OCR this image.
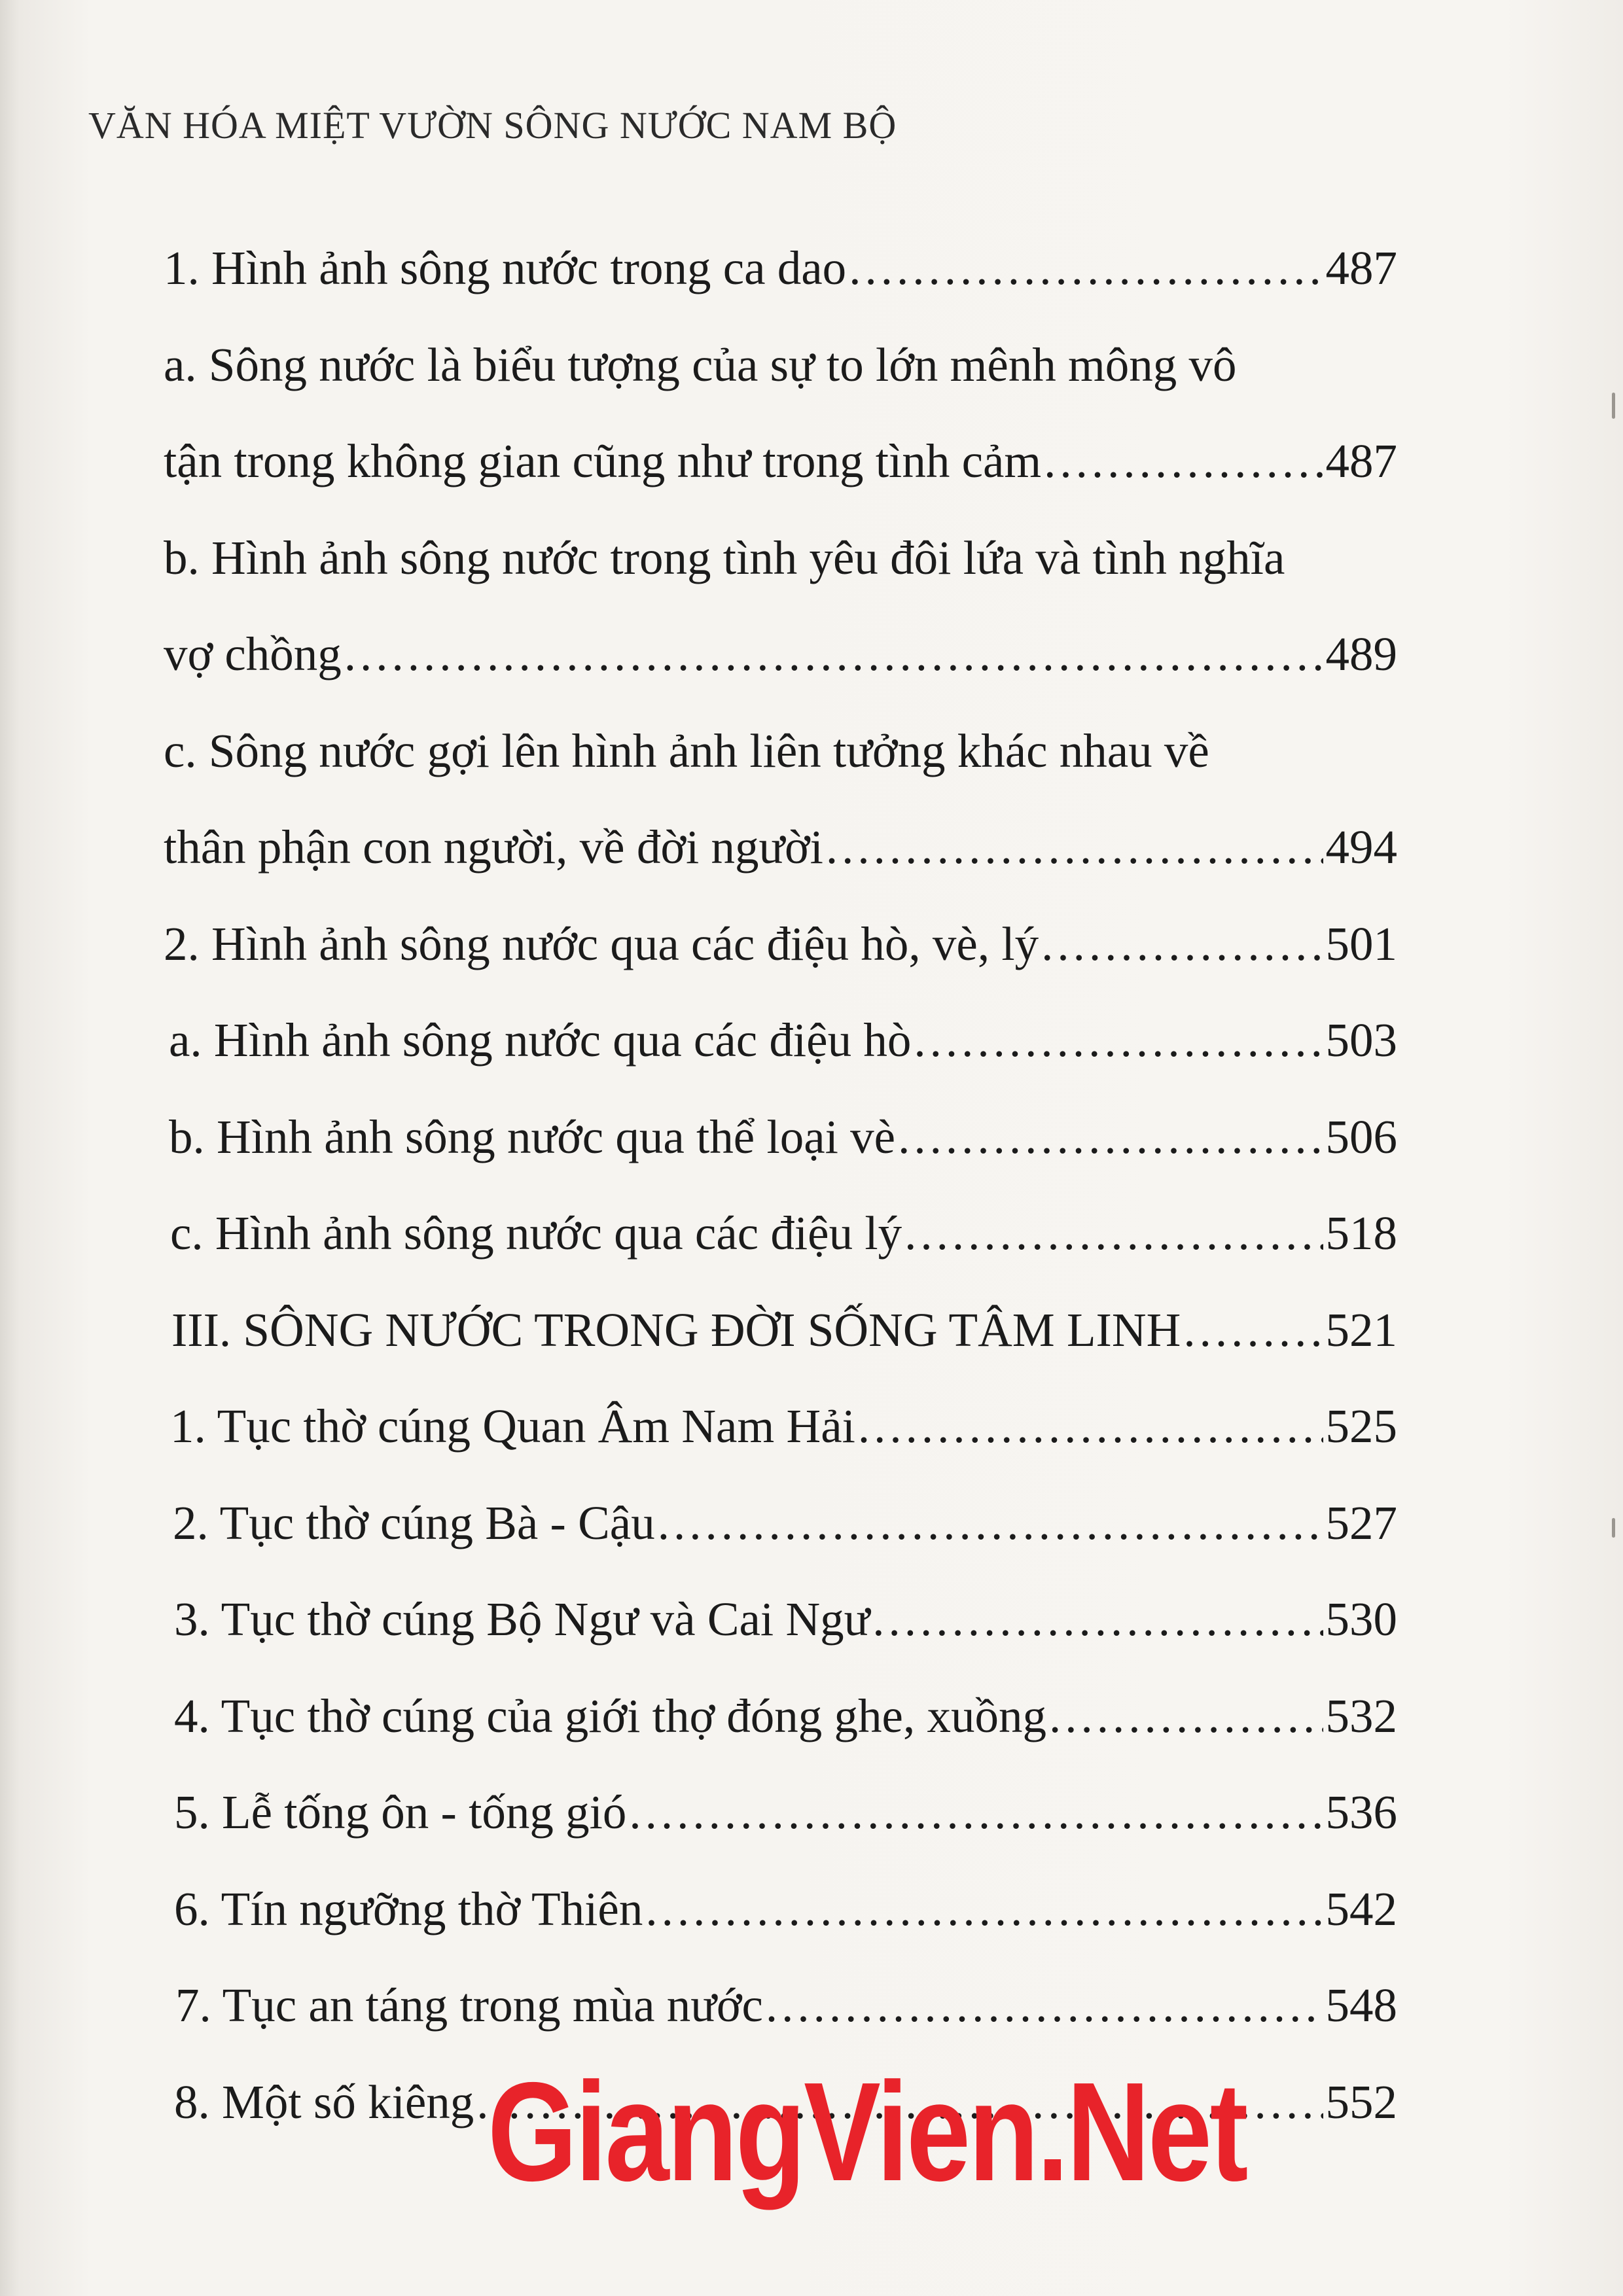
VĂN HÓA MIỆT VƯỜN SÔNG NƯỚC NAM BỘ
1. Hình ảnh sông nước trong ca dao .....	487
a. Sông nước là biểu tượng của sự to lớn mênh mông vô
tận trong không gian cũng như trong tình cảm .....	487
b. Hình ảnh sông nước trong tình yêu đôi lứa và tình nghĩa
vợ chồng .....	489
c. Sông nước gợi lên hình ảnh liên tưởng khác nhau về
thân phận con người, về đời người .....	494
2. Hình ảnh sông nước qua các điệu hò, vè, lý .....	501
a. Hình ảnh sông nước qua các điệu hò .....	503
b. Hình ảnh sông nước qua thể loại vè .....	506
c. Hình ảnh sông nước qua các điệu lý .....	518
III. SÔNG NƯỚC TRONG ĐỜI SỐNG TÂM LINH .....	521
1. Tục thờ cúng Quan Âm Nam Hải .....	525
2. Tục thờ cúng Bà - Cậu .....	527
3. Tục thờ cúng Bộ Ngư và Cai Ngư .....	530
4. Tục thờ cúng của giới thợ đóng ghe, xuồng .....	532
5. Lễ tống ôn - tống gió .....	536
6. Tín ngưỡng thờ Thiên .....	542
7. Tục an táng trong mùa nước .....	548
8. Một số kiêng .....	552
GiangVien.Net
